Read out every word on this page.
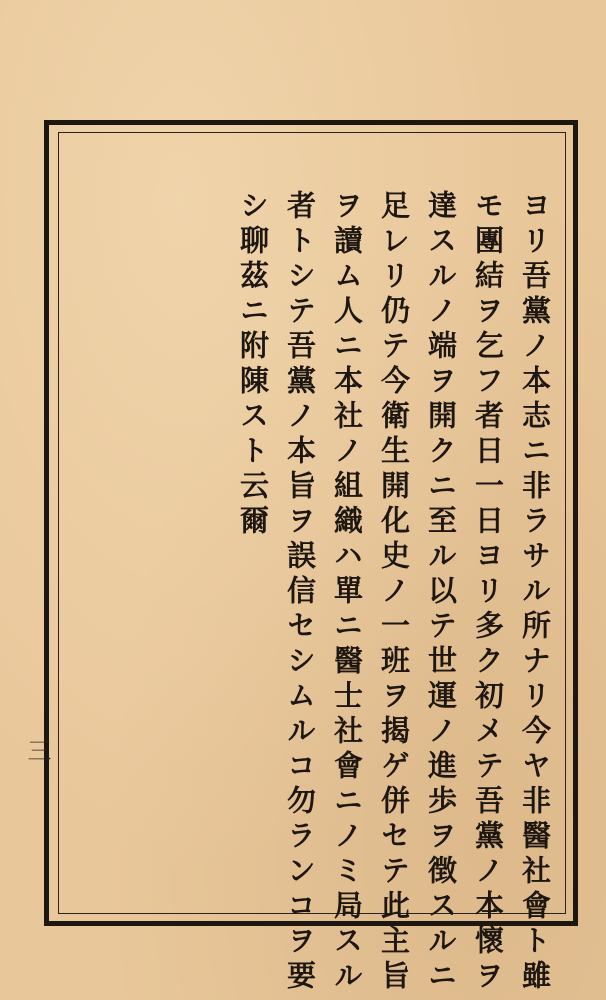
ヨリ吾黨ノ本志ニ非ラサル所ナリ今ヤ非醫社會ト雖
モ團結ヲ乞フ者日一日ヨリ多ク初メテ吾黨ノ本懷ヲ
達スルノ端ヲ開クニ至ル以テ世運ノ進歩ヲ徴スルニ
足レリ仍テ今衛生開化史ノ一班ヲ揭ゲ併セテ此主旨
ヲ讀ム人ニ本社ノ組織ハ單ニ醫士社會ニノミ局スル
者トシテ吾黨ノ本旨ヲ誤信セシムルコ勿ランコヲ要
シ聊茲ニ附陳スト云爾
三
